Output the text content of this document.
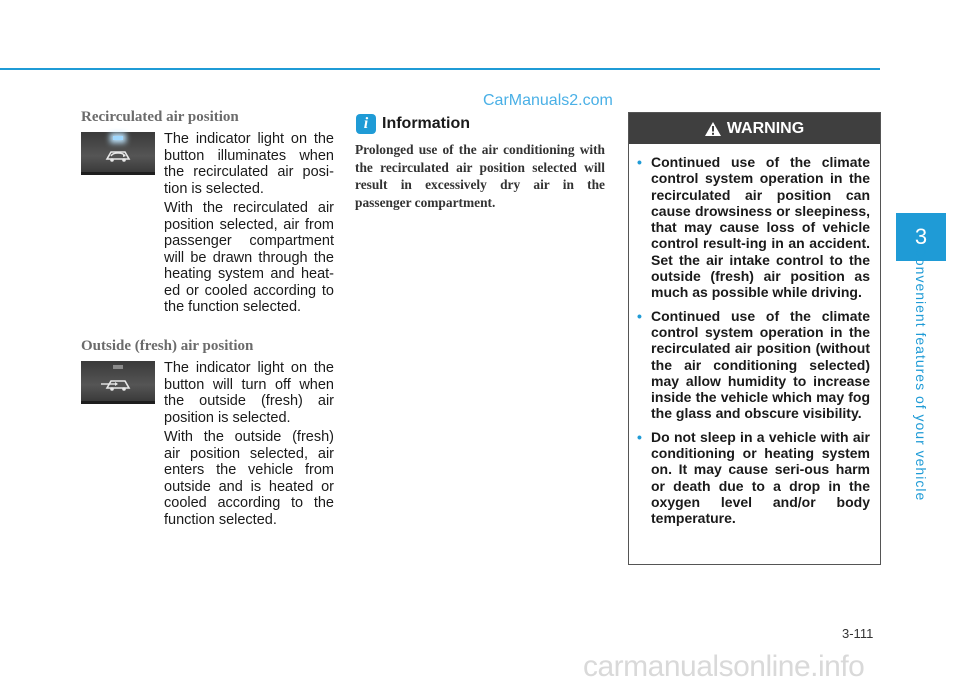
CarManuals2.com
Recirculated air position
The indicator light on the button illuminates when the recirculated air posi-tion is selected.
With the recirculated air position selected, air from passenger compartment will be drawn through the heating system and heat-ed or cooled according to the function selected.
Outside (fresh) air position
The indicator light on the button will turn off when the outside (fresh) air position is selected.
With the outside (fresh) air position selected, air enters the vehicle from outside and is heated or cooled according to the function selected.
i Information
Prolonged use of the air conditioning with the recirculated air position selected will result in excessively dry air in the passenger compartment.
WARNING
• Continued use of the climate control system operation in the recirculated air position can cause drowsiness or sleepiness, that may cause loss of vehicle control result-ing in an accident. Set the air intake control to the outside (fresh) air position as much as possible while driving.
• Continued use of the climate control system operation in the recirculated air position (without the air conditioning selected) may allow humidity to increase inside the vehicle which may fog the glass and obscure visibility.
• Do not sleep in a vehicle with air conditioning or heating system on. It may cause seri-ous harm or death due to a drop in the oxygen level and/or body temperature.
3
Convenient features of your vehicle
3-111
carmanualsonline.info
